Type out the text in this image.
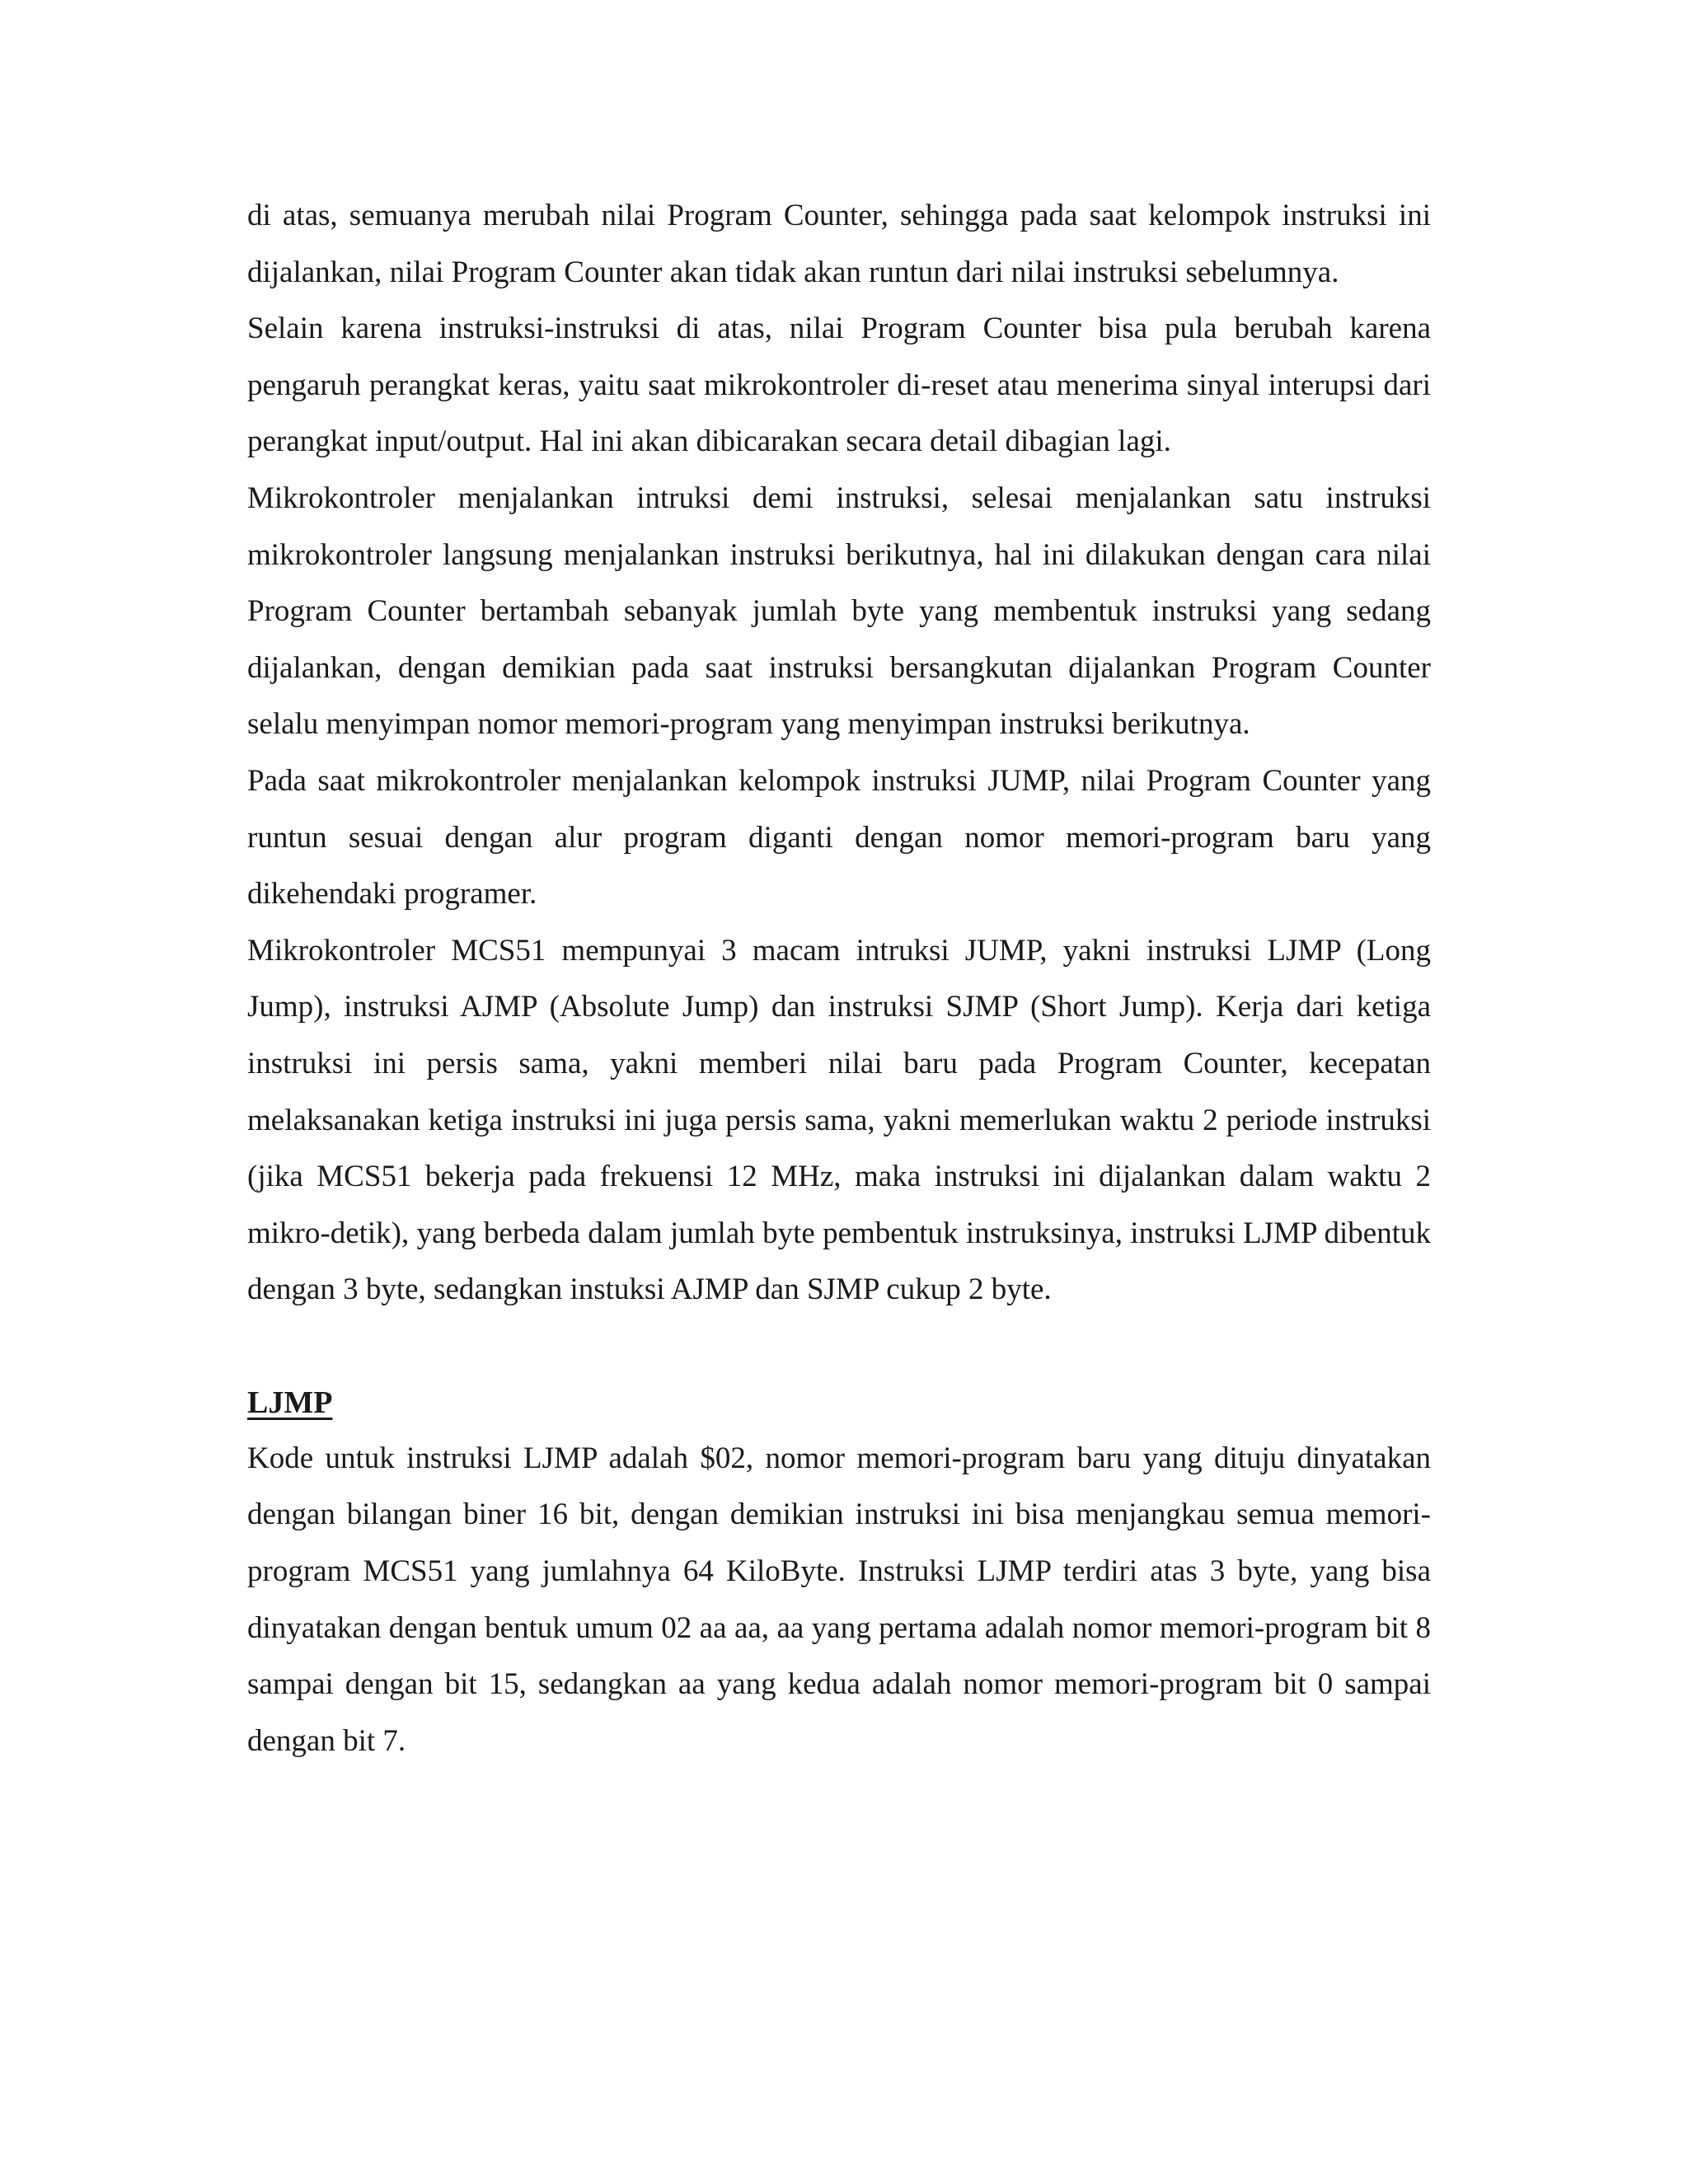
di atas, semuanya merubah nilai Program Counter, sehingga pada saat kelompok instruksi ini dijalankan, nilai Program Counter akan tidak akan runtun dari nilai instruksi sebelumnya.

Selain karena instruksi-instruksi di atas, nilai Program Counter bisa pula berubah karena pengaruh perangkat keras, yaitu saat mikrokontroler di-reset atau menerima sinyal interupsi dari perangkat input/output. Hal ini akan dibicarakan secara detail dibagian lagi.

Mikrokontroler menjalankan intruksi demi instruksi, selesai menjalankan satu instruksi mikrokontroler langsung menjalankan instruksi berikutnya, hal ini dilakukan dengan cara nilai Program Counter bertambah sebanyak jumlah byte yang membentuk instruksi yang sedang dijalankan, dengan demikian pada saat instruksi bersangkutan dijalankan Program Counter selalu menyimpan nomor memori-program yang menyimpan instruksi berikutnya.

Pada saat mikrokontroler menjalankan kelompok instruksi JUMP, nilai Program Counter yang runtun sesuai dengan alur program diganti dengan nomor memori-program baru yang dikehendaki programer.

Mikrokontroler MCS51 mempunyai 3 macam intruksi JUMP, yakni instruksi LJMP (Long Jump), instruksi AJMP (Absolute Jump) dan instruksi SJMP (Short Jump). Kerja dari ketiga instruksi ini persis sama, yakni memberi nilai baru pada Program Counter, kecepatan melaksanakan ketiga instruksi ini juga persis sama, yakni memerlukan waktu 2 periode instruksi (jika MCS51 bekerja pada frekuensi 12 MHz, maka instruksi ini dijalankan dalam waktu 2 mikro-detik), yang berbeda dalam jumlah byte pembentuk instruksinya, instruksi LJMP dibentuk dengan 3 byte, sedangkan instuksi AJMP dan SJMP cukup 2 byte.

LJMP

Kode untuk instruksi LJMP adalah $02, nomor memori-program baru yang dituju dinyatakan dengan bilangan biner 16 bit, dengan demikian instruksi ini bisa menjangkau semua memori-program MCS51 yang jumlahnya 64 KiloByte. Instruksi LJMP terdiri atas 3 byte, yang bisa dinyatakan dengan bentuk umum 02 aa aa, aa yang pertama adalah nomor memori-program bit 8 sampai dengan bit 15, sedangkan aa yang kedua adalah nomor memori-program bit 0 sampai dengan bit 7.
